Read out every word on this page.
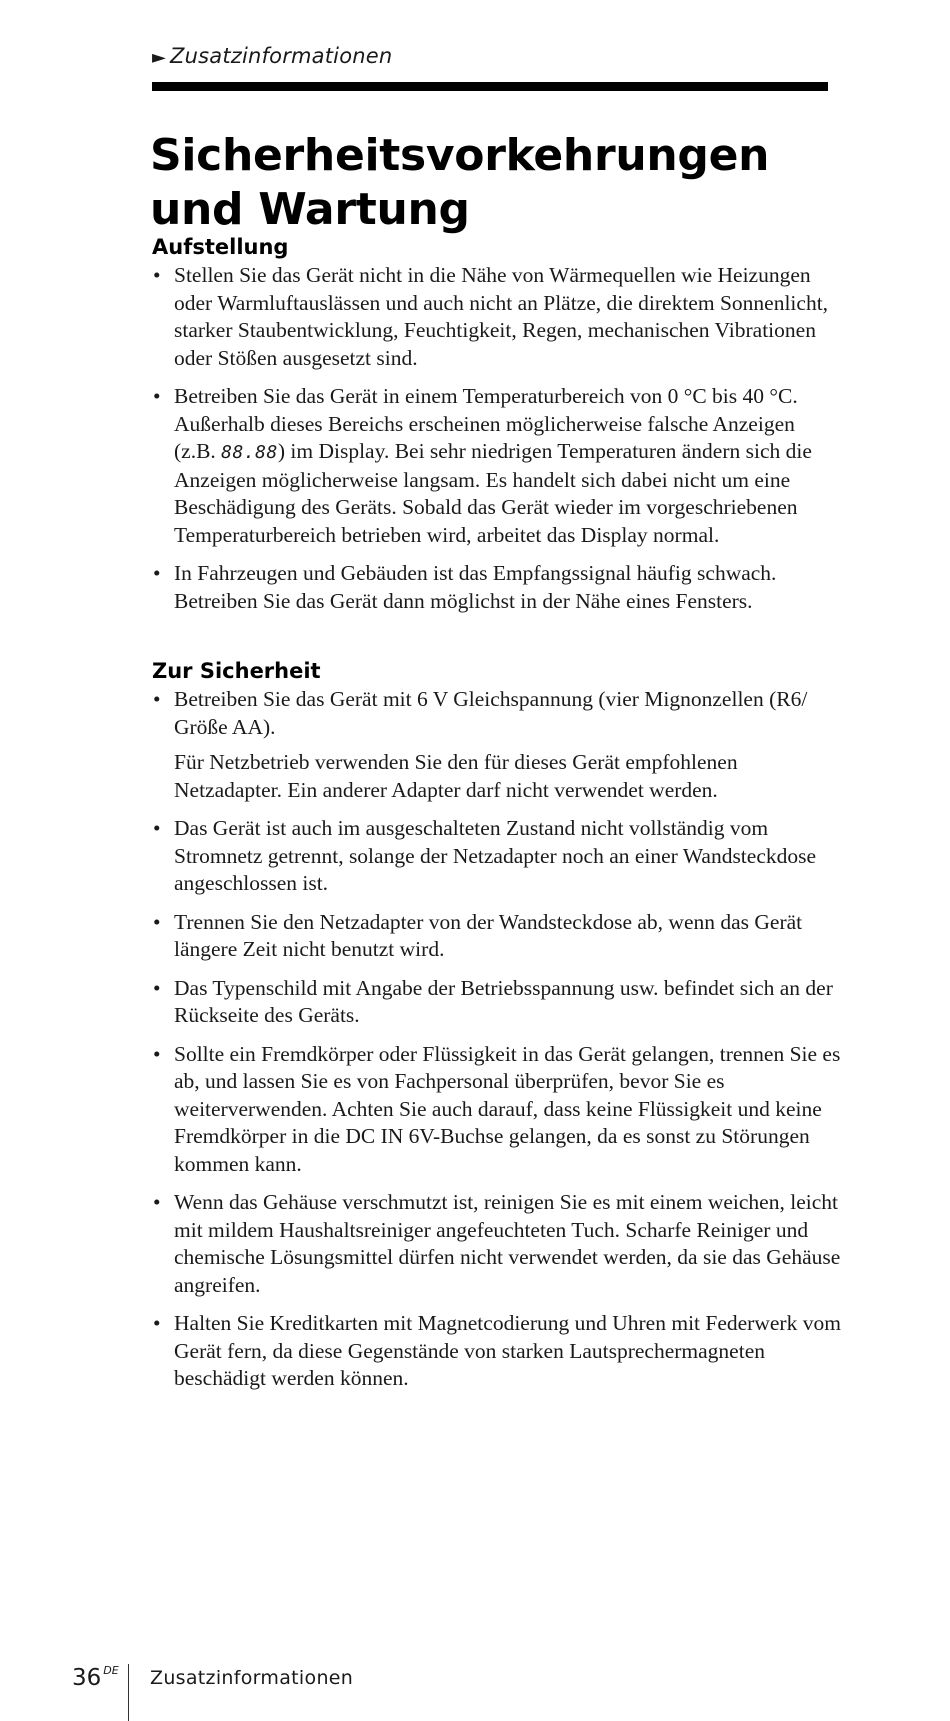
► Zusatzinformationen
Sicherheitsvorkehrungen und Wartung
Aufstellung
• Stellen Sie das Gerät nicht in die Nähe von Wärmequellen wie Heizungen oder Warmluftauslässen und auch nicht an Plätze, die direktem Sonnenlicht, starker Staubentwicklung, Feuchtigkeit, Regen, mechanischen Vibrationen oder Stößen ausgesetzt sind.
• Betreiben Sie das Gerät in einem Temperaturbereich von 0 °C bis 40 °C. Außerhalb dieses Bereichs erscheinen möglicherweise falsche Anzeigen (z.B. 88.88) im Display. Bei sehr niedrigen Temperaturen ändern sich die Anzeigen möglicherweise langsam. Es handelt sich dabei nicht um eine Beschädigung des Geräts. Sobald das Gerät wieder im vorgeschriebenen Temperaturbereich betrieben wird, arbeitet das Display normal.
• In Fahrzeugen und Gebäuden ist das Empfangssignal häufig schwach. Betreiben Sie das Gerät dann möglichst in der Nähe eines Fensters.
Zur Sicherheit
• Betreiben Sie das Gerät mit 6 V Gleichspannung (vier Mignonzellen (R6/ Größe AA).

Für Netzbetrieb verwenden Sie den für dieses Gerät empfohlenen Netzadapter. Ein anderer Adapter darf nicht verwendet werden.

• Das Gerät ist auch im ausgeschalteten Zustand nicht vollständig vom Stromnetz getrennt, solange der Netzadapter noch an einer Wandsteckdose angeschlossen ist.
• Trennen Sie den Netzadapter von der Wandsteckdose ab, wenn das Gerät längere Zeit nicht benutzt wird.
• Das Typenschild mit Angabe der Betriebsspannung usw. befindet sich an der Rückseite des Geräts.
• Sollte ein Fremdkörper oder Flüssigkeit in das Gerät gelangen, trennen Sie es ab, und lassen Sie es von Fachpersonal überprüfen, bevor Sie es weiterverwenden. Achten Sie auch darauf, dass keine Flüssigkeit und keine Fremdkörper in die DC IN 6V-Buchse gelangen, da es sonst zu Störungen kommen kann.
• Wenn das Gehäuse verschmutzt ist, reinigen Sie es mit einem weichen, leicht mit mildem Haushaltsreiniger angefeuchteten Tuch. Scharfe Reiniger und chemische Lösungsmittel dürfen nicht verwendet werden, da sie das Gehäuse angreifen.
• Halten Sie Kreditkarten mit Magnetcodierung und Uhren mit Federwerk vom Gerät fern, da diese Gegenstände von starken Lautsprechermagneten beschädigt werden können.
36 $^{DE}$ Zusatzinformationen
